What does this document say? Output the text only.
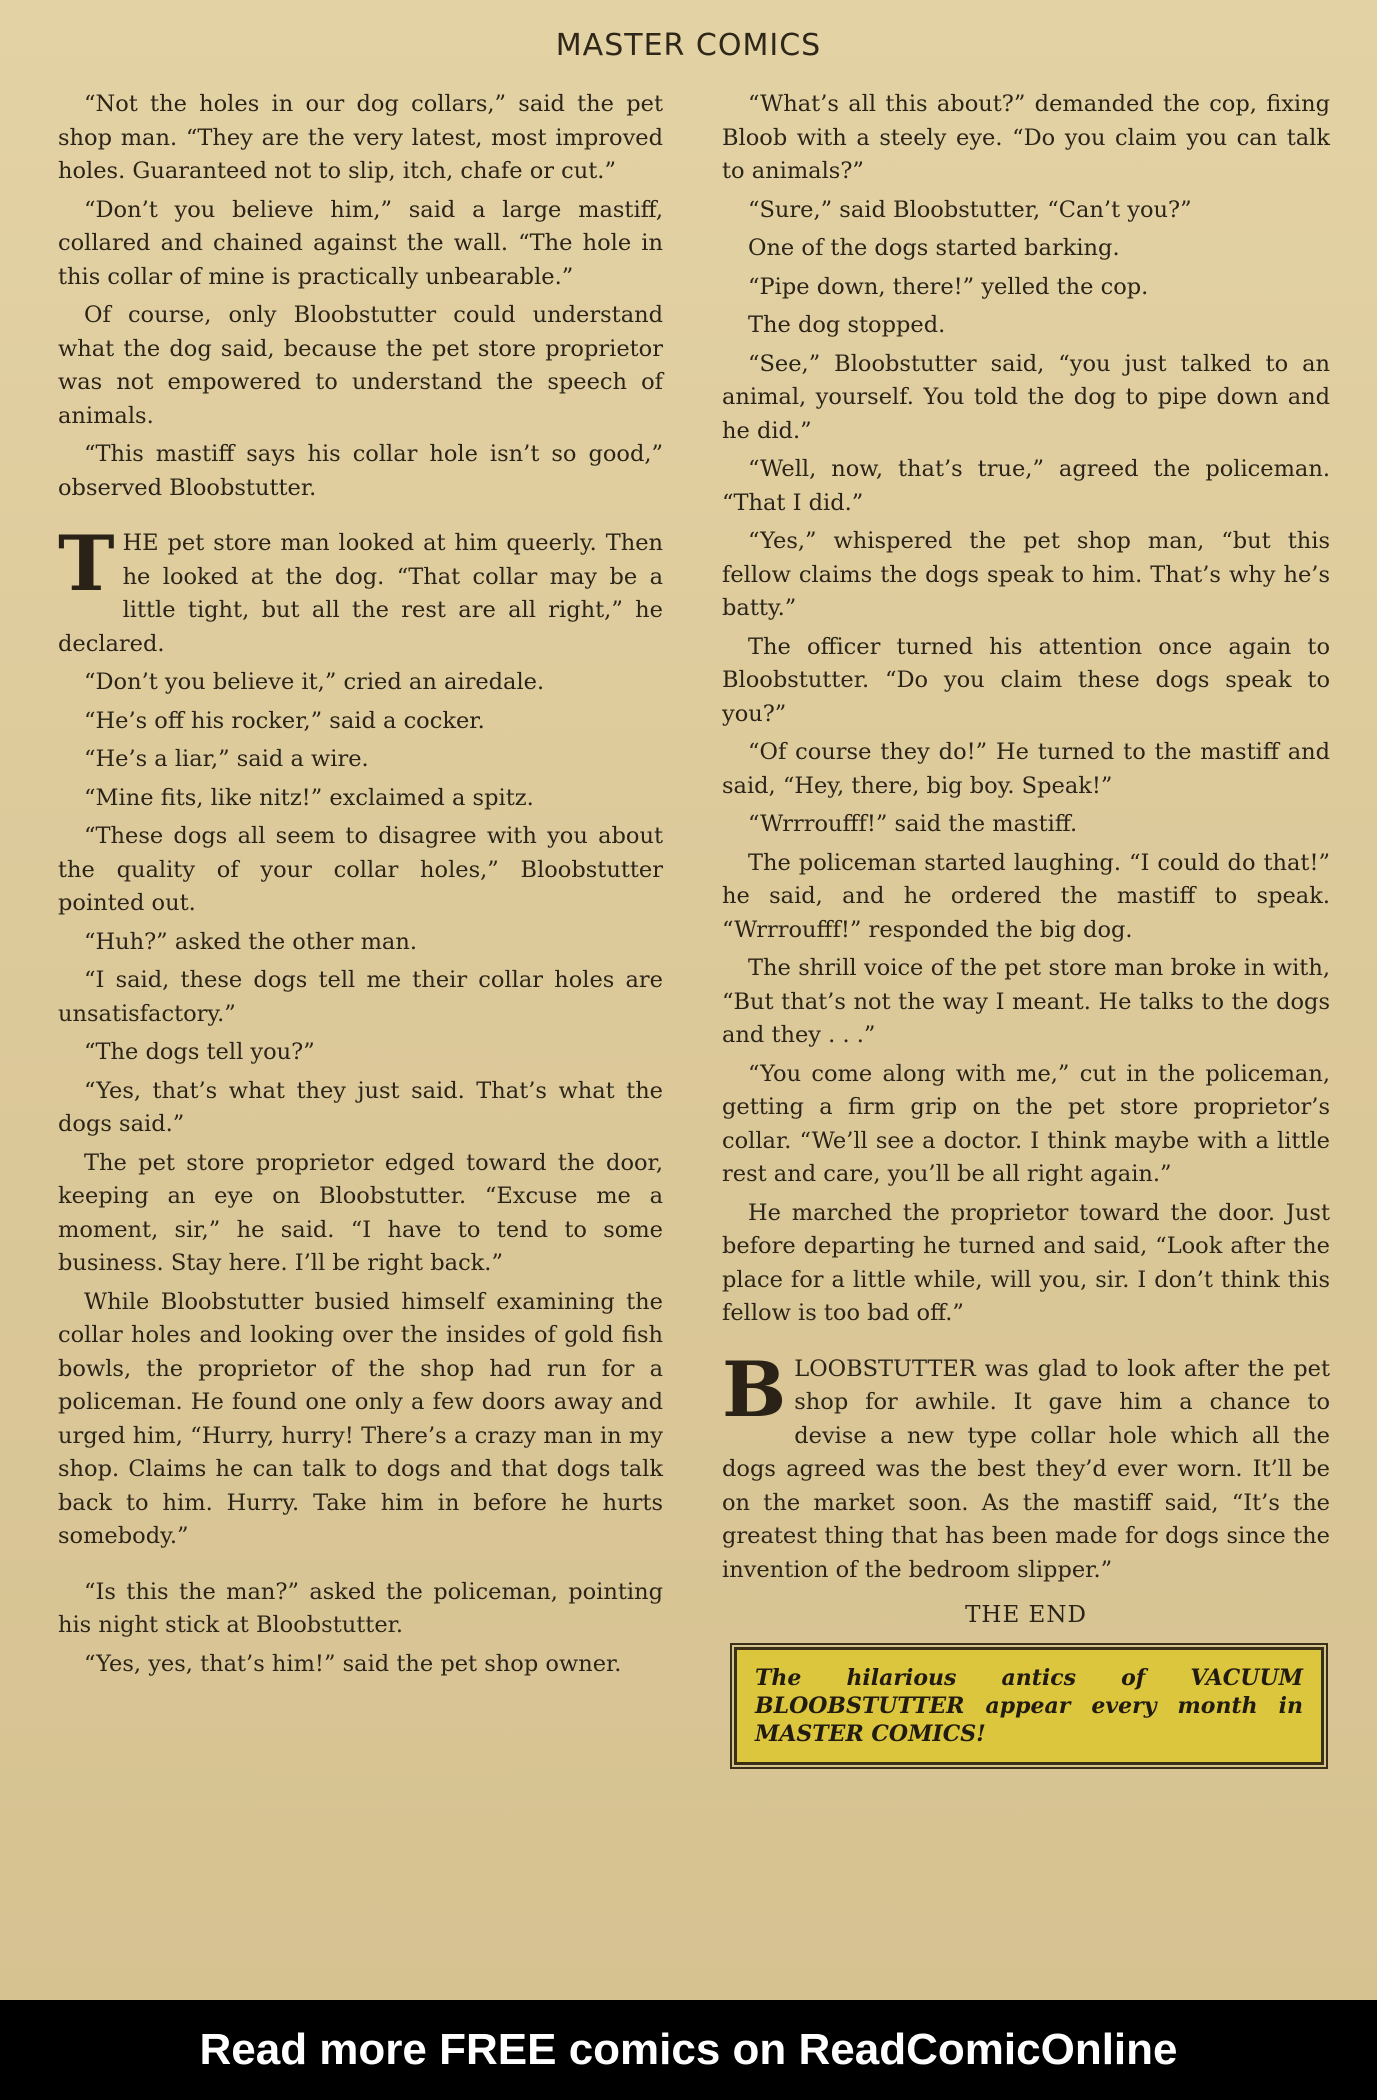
MASTER COMICS

“Not the holes in our dog collars,” said the pet shop man. “They are the very latest, most improved holes. Guaranteed not to slip, itch, chafe or cut.”

“Don’t you believe him,” said a large mastiff, collared and chained against the wall. “The hole in this collar of mine is practically unbearable.”

Of course, only Bloobstutter could understand what the dog said, because the pet store proprietor was not empowered to understand the speech of animals.

“This mastiff says his collar hole isn’t so good,” observed Bloobstutter.

THE pet store man looked at him queerly. Then he looked at the dog. “That collar may be a little tight, but all the rest are all right,” he declared.

“Don’t you believe it,” cried an airedale.

“He’s off his rocker,” said a cocker.

“He’s a liar,” said a wire.

“Mine fits, like nitz!” exclaimed a spitz.

“These dogs all seem to disagree with you about the quality of your collar holes,” Bloobstutter pointed out.

“Huh?” asked the other man.

“I said, these dogs tell me their collar holes are unsatisfactory.”

“The dogs tell you?”

“Yes, that’s what they just said. That’s what the dogs said.”

The pet store proprietor edged toward the door, keeping an eye on Bloobstutter. “Excuse me a moment, sir,” he said. “I have to tend to some business. Stay here. I’ll be right back.”

While Bloobstutter busied himself examining the collar holes and looking over the insides of gold fish bowls, the proprietor of the shop had run for a policeman. He found one only a few doors away and urged him, “Hurry, hurry! There’s a crazy man in my shop. Claims he can talk to dogs and that dogs talk back to him. Hurry. Take him in before he hurts somebody.”

“Is this the man?” asked the policeman, pointing his night stick at Bloobstutter.

“Yes, yes, that’s him!” said the pet shop owner.

“What’s all this about?” demanded the cop, fixing Bloob with a steely eye. “Do you claim you can talk to animals?”

“Sure,” said Bloobstutter, “Can’t you?”

One of the dogs started barking.

“Pipe down, there!” yelled the cop.

The dog stopped.

“See,” Bloobstutter said, “you just talked to an animal, yourself. You told the dog to pipe down and he did.”

“Well, now, that’s true,” agreed the policeman. “That I did.”

“Yes,” whispered the pet shop man, “but this fellow claims the dogs speak to him. That’s why he’s batty.”

The officer turned his attention once again to Bloobstutter. “Do you claim these dogs speak to you?”

“Of course they do!” He turned to the mastiff and said, “Hey, there, big boy. Speak!”

“Wrrroufff!” said the mastiff.

The policeman started laughing. “I could do that!” he said, and he ordered the mastiff to speak. “Wrrroufff!” responded the big dog.

The shrill voice of the pet store man broke in with, “But that’s not the way I meant. He talks to the dogs and they . . .”

“You come along with me,” cut in the policeman, getting a firm grip on the pet store proprietor’s collar. “We’ll see a doctor. I think maybe with a little rest and care, you’ll be all right again.”

He marched the proprietor toward the door. Just before departing he turned and said, “Look after the place for a little while, will you, sir. I don’t think this fellow is too bad off.”

BLOOBSTUTTER was glad to look after the pet shop for awhile. It gave him a chance to devise a new type collar hole which all the dogs agreed was the best they’d ever worn. It’ll be on the market soon. As the mastiff said, “It’s the greatest thing that has been made for dogs since the invention of the bedroom slipper.”

THE END
The hilarious antics of VACUUM BLOOBSTUTTER appear every month in MASTER COMICS!
Read more FREE comics on ReadComicOnline
